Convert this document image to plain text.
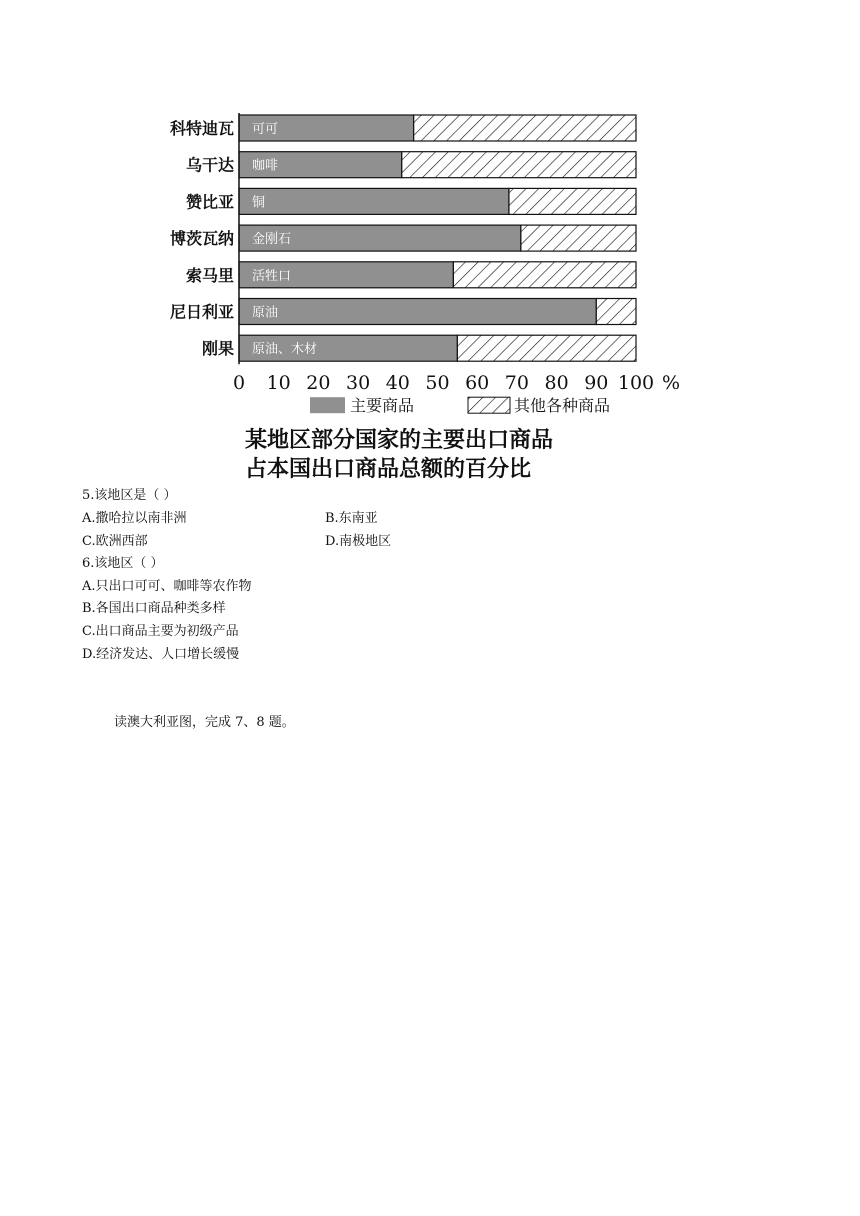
科特迪瓦 可可
乌干达 咖啡
赞比亚 铜
博茨瓦纳 金刚石
索马里 活牲口
尼日利亚 原油
刚果 原油、木材
0 10 20 30 40 50 60 70 80 90 100 %
主要商品	其他各种商品
某地区部分国家的主要出口商品
占本国出口商品总额的百分比
5.该地区是（ ）
A.撒哈拉以南非洲	B.东南亚
C.欧洲西部	D.南极地区
6.该地区（ ）
A.只出口可可、咖啡等农作物
B.各国出口商品种类多样
C.出口商品主要为初级产品
D.经济发达、人口增长缓慢
读澳大利亚图，完成 7、8 题。
